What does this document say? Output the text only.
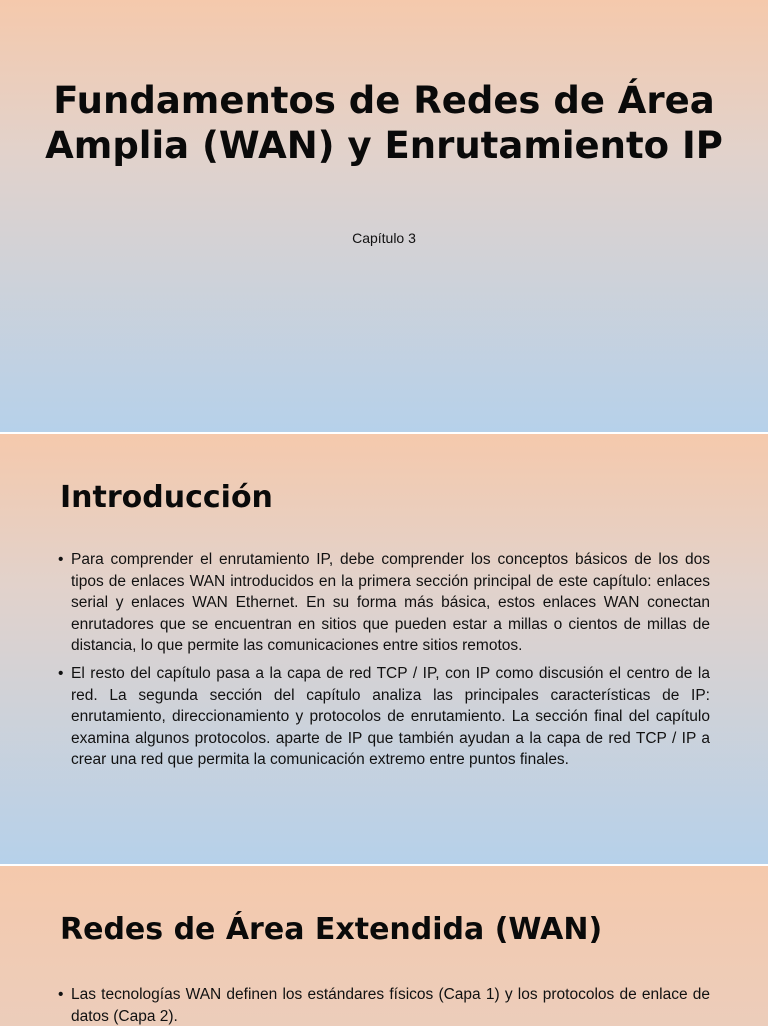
Fundamentos de Redes de Área Amplia (WAN) y Enrutamiento IP
Capítulo 3
Introducción
• Para comprender el enrutamiento IP, debe comprender los conceptos básicos de los dos tipos de enlaces WAN introducidos en la primera sección principal de este capítulo: enlaces serial y enlaces WAN Ethernet. En su forma más básica, estos enlaces WAN conectan enrutadores que se encuentran en sitios que pueden estar a millas o cientos de millas de distancia, lo que permite las comunicaciones entre sitios remotos.
• El resto del capítulo pasa a la capa de red TCP / IP, con IP como discusión el centro de la red. La segunda sección del capítulo analiza las principales características de IP: enrutamiento, direccionamiento y protocolos de enrutamiento. La sección final del capítulo examina algunos protocolos. aparte de IP que también ayudan a la capa de red TCP / IP a crear una red que permita la comunicación extremo entre puntos finales.
Redes de Área Extendida (WAN)
• Las tecnologías WAN definen los estándares físicos (Capa 1) y los protocolos de enlace de datos (Capa 2).
